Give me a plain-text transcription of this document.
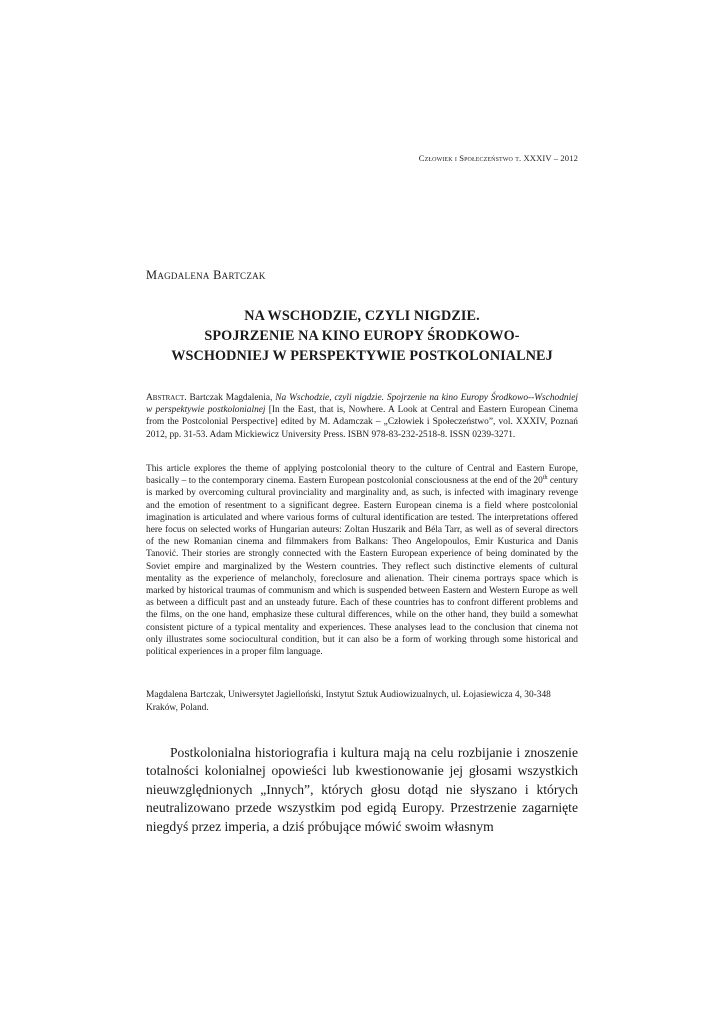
Człowiek i Społeczeństwo t. XXXIV – 2012
Magdalena Bartczak
NA WSCHODZIE, CZYLI NIGDZIE.
SPOJRZENIE NA KINO EUROPY ŚRODKOWO-
WSCHODNIEJ W PERSPEKTYWIE POSTKOLONIALNEJ
Abstract. Bartczak Magdalenia, Na Wschodzie, czyli nigdzie. Spojrzenie na kino Europy Środkowo--Wschodniej w perspektywie postkolonialnej [In the East, that is, Nowhere. A Look at Central and Eastern European Cinema from the Postcolonial Perspective] edited by M. Adamczak – „Człowiek i Społeczeństwo”, vol. XXXIV, Poznań 2012, pp. 31-53. Adam Mickiewicz University Press. ISBN 978-83-232-2518-8. ISSN 0239-3271.
This article explores the theme of applying postcolonial theory to the culture of Central and Eastern Europe, basically – to the contemporary cinema. Eastern European postcolonial consciousness at the end of the 20th century is marked by overcoming cultural provinciality and marginality and, as such, is infected with imaginary revenge and the emotion of resentment to a significant degree. Eastern European cinema is a field where postcolonial imagination is articulated and where various forms of cultural identification are tested. The interpretations offered here focus on selected works of Hungarian auteurs: Zoltan Huszarik and Béla Tarr, as well as of several directors of the new Romanian cinema and filmmakers from Balkans: Theo Angelopoulos, Emir Kusturica and Danis Tanović. Their stories are strongly connected with the Eastern European experience of being dominated by the Soviet empire and marginalized by the Western countries. They reflect such distinctive elements of cultural mentality as the experience of melancholy, foreclosure and alienation. Their cinema portrays space which is marked by historical traumas of communism and which is suspended between Eastern and Western Europe as well as between a difficult past and an unsteady future. Each of these countries has to confront different problems and the films, on the one hand, emphasize these cultural differences, while on the other hand, they build a somewhat consistent picture of a typical mentality and experiences. These analyses lead to the conclusion that cinema not only illustrates some sociocultural condition, but it can also be a form of working through some historical and political experiences in a proper film language.
Magdalena Bartczak, Uniwersytet Jagielloński, Instytut Sztuk Audiowizualnych, ul. Łojasiewicza 4, 30-348 Kraków, Poland.
Postkolonialna historiografia i kultura mają na celu rozbijanie i znoszenie totalności kolonialnej opowieści lub kwestionowanie jej głosami wszystkich nieuwzględnionych „Innych”, których głosu dotąd nie słyszano i których neutralizowano przede wszystkim pod egidą Europy. Przestrzenie zagarnięte niegdyś przez imperia, a dziś próbujące mówić swoim własnym
